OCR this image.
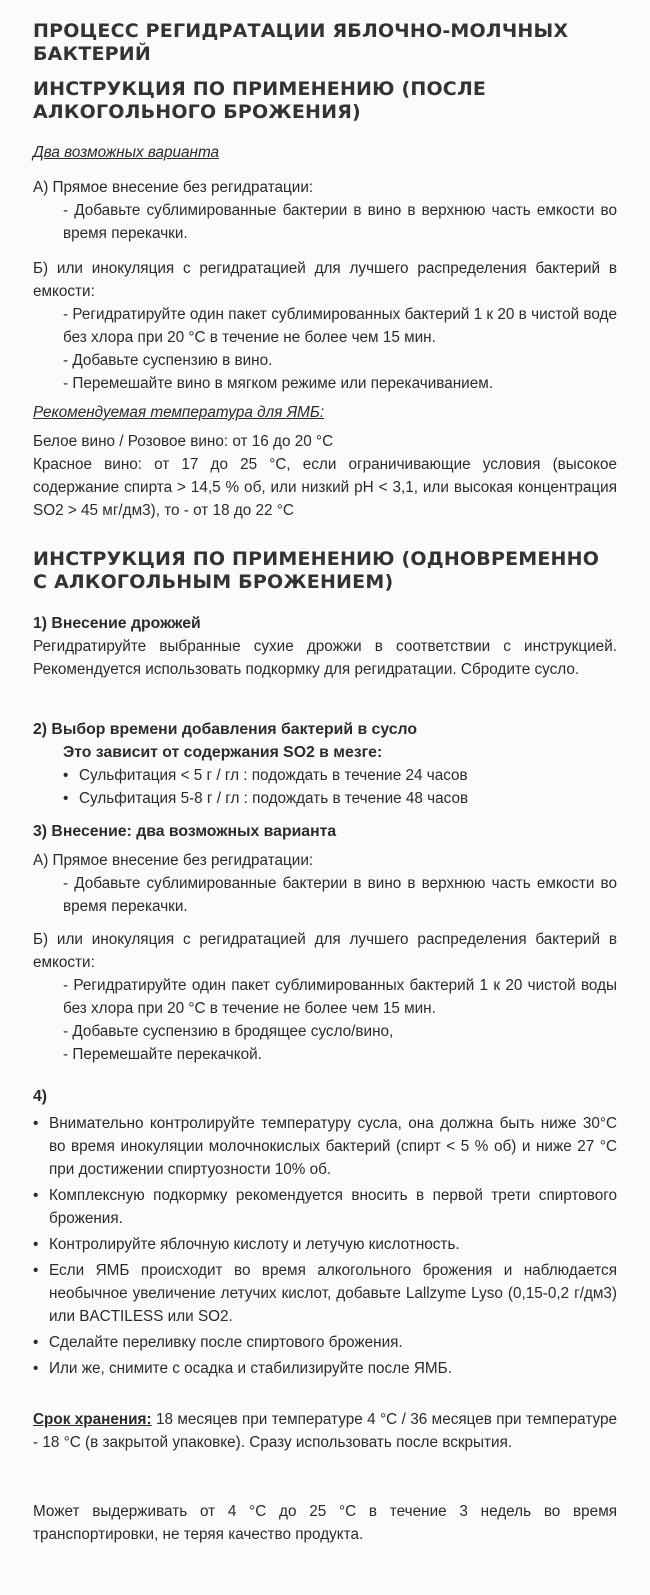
ПРОЦЕСС РЕГИДРАТАЦИИ ЯБЛОЧНО-МОЛЧНЫХ БАКТЕРИЙ

ИНСТРУКЦИЯ ПО ПРИМЕНЕНИЮ (ПОСЛЕ АЛКОГОЛЬНОГО БРОЖЕНИЯ)

Два возможных варианта

А) Прямое внесение без регидратации:

- Добавьте сублимированные бактерии в вино в верхнюю часть емкости во время перекачки.

Б) или инокуляция с регидратацией для лучшего распределения бактерий в емкости:

- Регидратируйте один пакет сублимированных бактерий 1 к 20 в чистой воде без хлора при 20 °С в течение не более чем 15 мин.

- Добавьте суспензию в вино.

- Перемешайте вино в мягком режиме или перекачиванием.

Рекомендуемая температура для ЯМБ:

Белое вино / Розовое вино: от 16 до 20 °С

Красное вино: от 17 до 25 °С, если ограничивающие условия (высокое содержание спирта > 14,5 % об, или низкий рН < 3,1, или высокая концентрация SO2 > 45 мг/дм3), то - от 18 до 22 °С

ИНСТРУКЦИЯ ПО ПРИМЕНЕНИЮ (ОДНОВРЕМЕННО С АЛКОГОЛЬНЫМ БРОЖЕНИЕМ)

1) Внесение дрожжей

Регидратируйте выбранные сухие дрожжи в соответствии с инструкцией. Рекомендуется использовать подкормку для регидратации. Сбродите сусло.

2) Выбор времени добавления бактерий в сусло

Это зависит от содержания SO2 в мезге:

• Сульфитация < 5 г / гл : подождать в течение 24 часов
• Сульфитация 5-8 г / гл : подождать в течение 48 часов

3) Внесение: два возможных варианта

А) Прямое внесение без регидратации:

- Добавьте сублимированные бактерии в вино в верхнюю часть емкости во время перекачки.

Б) или инокуляция с регидратацией для лучшего распределения бактерий в емкости:

- Регидратируйте один пакет сублимированных бактерий 1 к 20 чистой воды без хлора при 20 °С в течение не более чем 15 мин.

- Добавьте суспензию в бродящее сусло/вино,

- Перемешайте перекачкой.

4)

• Внимательно контролируйте температуру сусла, она должна быть ниже 30°С во время инокуляции молочнокислых бактерий (спирт < 5 % об) и ниже 27 °С при достижении спиртуозности 10% об.
• Комплексную подкормку рекомендуется вносить в первой трети спиртового брожения.
• Контролируйте яблочную кислоту и летучую кислотность.
• Если ЯМБ происходит во время алкогольного брожения и наблюдается необычное увеличение летучих кислот, добавьте Lallzyme Lyso (0,15-0,2 г/дм3) или BACTILESS или SO2.
• Сделайте переливку после спиртового брожения.
• Или же, снимите с осадка и стабилизируйте после ЯМБ.

Срок хранения: 18 месяцев при температуре 4 °С / 36 месяцев при температуре - 18 °С (в закрытой упаковке). Сразу использовать после вскрытия.

Может выдерживать от 4 °С до 25 °С в течение 3 недель во время транспортировки, не теряя качество продукта.
